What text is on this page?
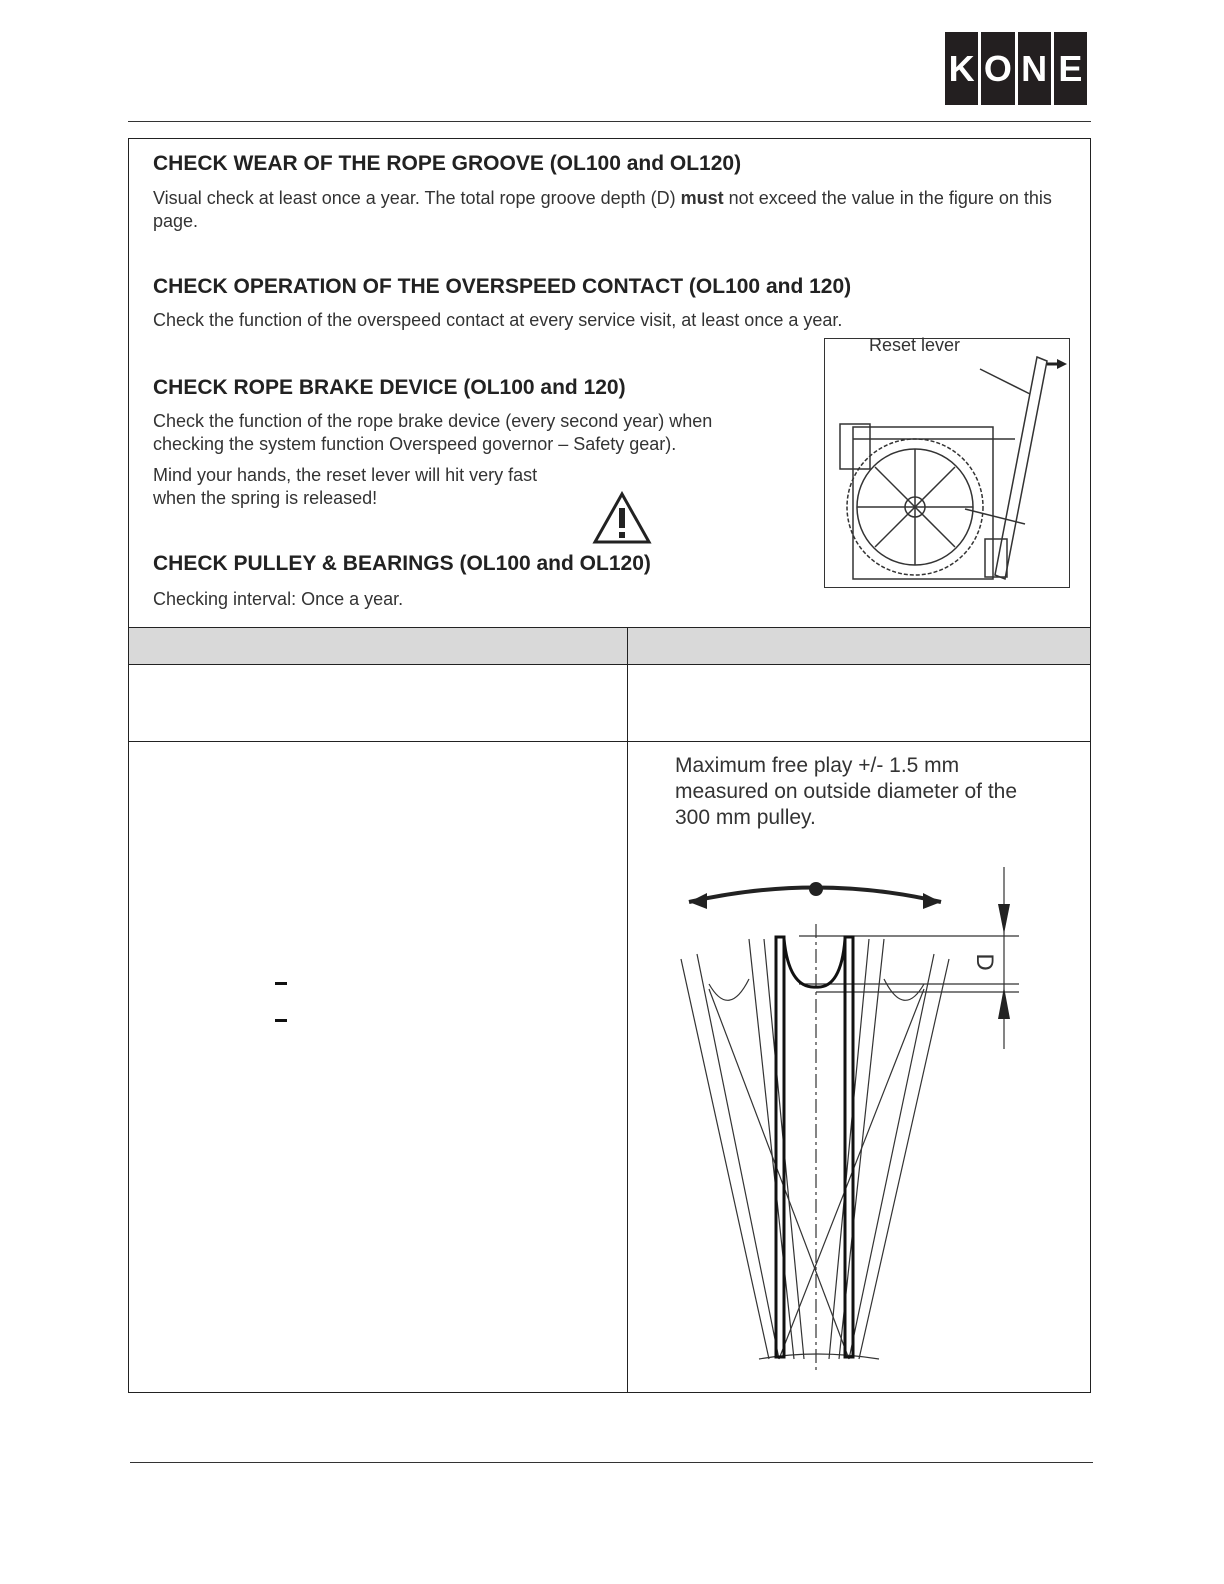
K O N E
CHECK WEAR OF THE ROPE GROOVE (OL100 and OL120)
Visual check at least once a year. The total rope groove depth (D) must not exceed the value in the figure on this page.
CHECK OPERATION OF THE OVERSPEED CONTACT (OL100 and 120)
Check the function of the overspeed contact at every service visit, at least once a year.
CHECK ROPE BRAKE DEVICE (OL100 and 120)
Check the function of the rope brake device (every second year) when checking the system function Overspeed governor – Safety gear).
Mind your hands, the reset lever will hit very fast when the spring is released!
CHECK PULLEY & BEARINGS (OL100 and OL120)
Checking interval: Once a year.
Reset lever
Maximum free play +/- 1.5 mm measured on outside diameter of the 300 mm pulley.
D
